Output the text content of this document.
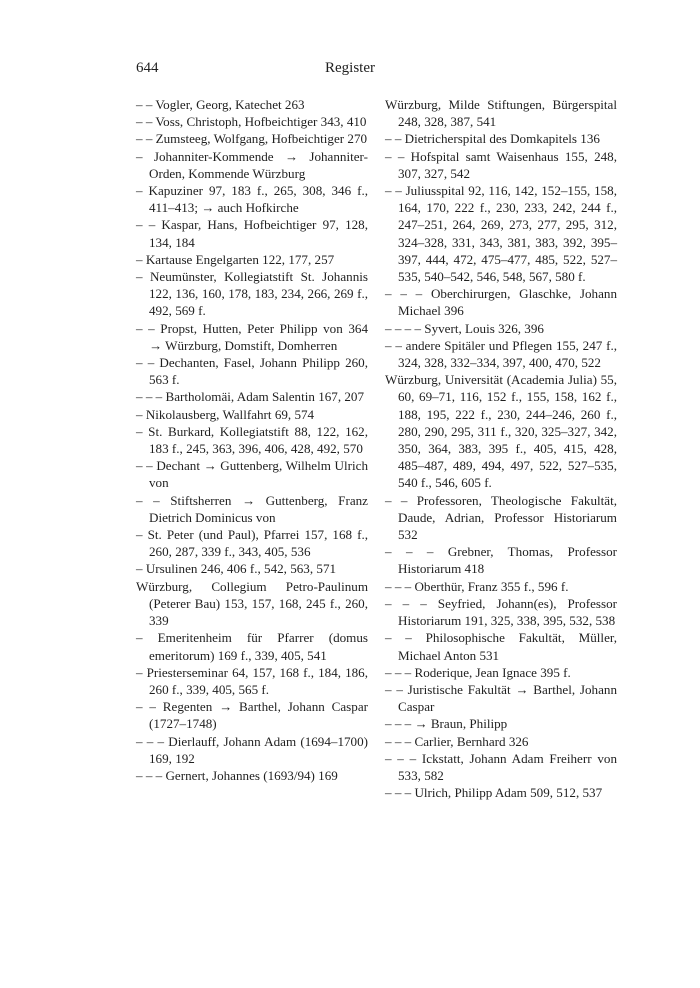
644	Register
– – Vogler, Georg, Katechet 263
– – Voss, Christoph, Hofbeichtiger 343, 410
– – Zumsteeg, Wolfgang, Hofbeichtiger 270
– Johanniter-Kommende → Johanniter-Orden, Kommende Würzburg
– Kapuziner 97, 183 f., 265, 308, 346 f., 411–413; → auch Hofkirche
– – Kaspar, Hans, Hofbeichtiger 97, 128, 134, 184
– Kartause Engelgarten 122, 177, 257
– Neumünster, Kollegiatstift St. Johannis 122, 136, 160, 178, 183, 234, 266, 269 f., 492, 569 f.
– – Propst, Hutten, Peter Philipp von 364 → Würzburg, Domstift, Domherren
– – Dechanten, Fasel, Johann Philipp 260, 563 f.
– – – Bartholomäi, Adam Salentin 167, 207
– Nikolausberg, Wallfahrt 69, 574
– St. Burkard, Kollegiatstift 88, 122, 162, 183 f., 245, 363, 396, 406, 428, 492, 570
– – Dechant → Guttenberg, Wilhelm Ulrich von
– – Stiftsherren → Guttenberg, Franz Dietrich Dominicus von
– St. Peter (und Paul), Pfarrei 157, 168 f., 260, 287, 339 f., 343, 405, 536
– Ursulinen 246, 406 f., 542, 563, 571
Würzburg, Collegium Petro-Paulinum (Peterer Bau) 153, 157, 168, 245 f., 260, 339
– Emeritenheim für Pfarrer (domus emeritorum) 169 f., 339, 405, 541
– Priesterseminar 64, 157, 168 f., 184, 186, 260 f., 339, 405, 565 f.
– – Regenten → Barthel, Johann Caspar (1727–1748)
– – – Dierlauff, Johann Adam (1694–1700) 169, 192
– – – Gernert, Johannes (1693/94) 169
Würzburg, Milde Stiftungen, Bürgerspital 248, 328, 387, 541
– – Dietricherspital des Domkapitels 136
– – Hofspital samt Waisenhaus 155, 248, 307, 327, 542
– – Juliusspital 92, 116, 142, 152–155, 158, 164, 170, 222 f., 230, 233, 242, 244 f., 247–251, 264, 269, 273, 277, 295, 312, 324–328, 331, 343, 381, 383, 392, 395–397, 444, 472, 475–477, 485, 522, 527–535, 540–542, 546, 548, 567, 580 f.
– – – Oberchirurgen, Glaschke, Johann Michael 396
– – – – Syvert, Louis 326, 396
– – andere Spitäler und Pflegen 155, 247 f., 324, 328, 332–334, 397, 400, 470, 522
Würzburg, Universität (Academia Julia) 55, 60, 69–71, 116, 152 f., 155, 158, 162 f., 188, 195, 222 f., 230, 244–246, 260 f., 280, 290, 295, 311 f., 320, 325–327, 342, 350, 364, 383, 395 f., 405, 415, 428, 485–487, 489, 494, 497, 522, 527–535, 540 f., 546, 605 f.
– – Professoren, Theologische Fakultät, Daude, Adrian, Professor Historiarum 532
– – – Grebner, Thomas, Professor Historiarum 418
– – – Oberthür, Franz 355 f., 596 f.
– – – Seyfried, Johann(es), Professor Historiarum 191, 325, 338, 395, 532, 538
– – Philosophische Fakultät, Müller, Michael Anton 531
– – – Roderique, Jean Ignace 395 f.
– – Juristische Fakultät → Barthel, Johann Caspar
– – – → Braun, Philipp
– – – Carlier, Bernhard 326
– – – Ickstatt, Johann Adam Freiherr von 533, 582
– – – Ulrich, Philipp Adam 509, 512, 537
